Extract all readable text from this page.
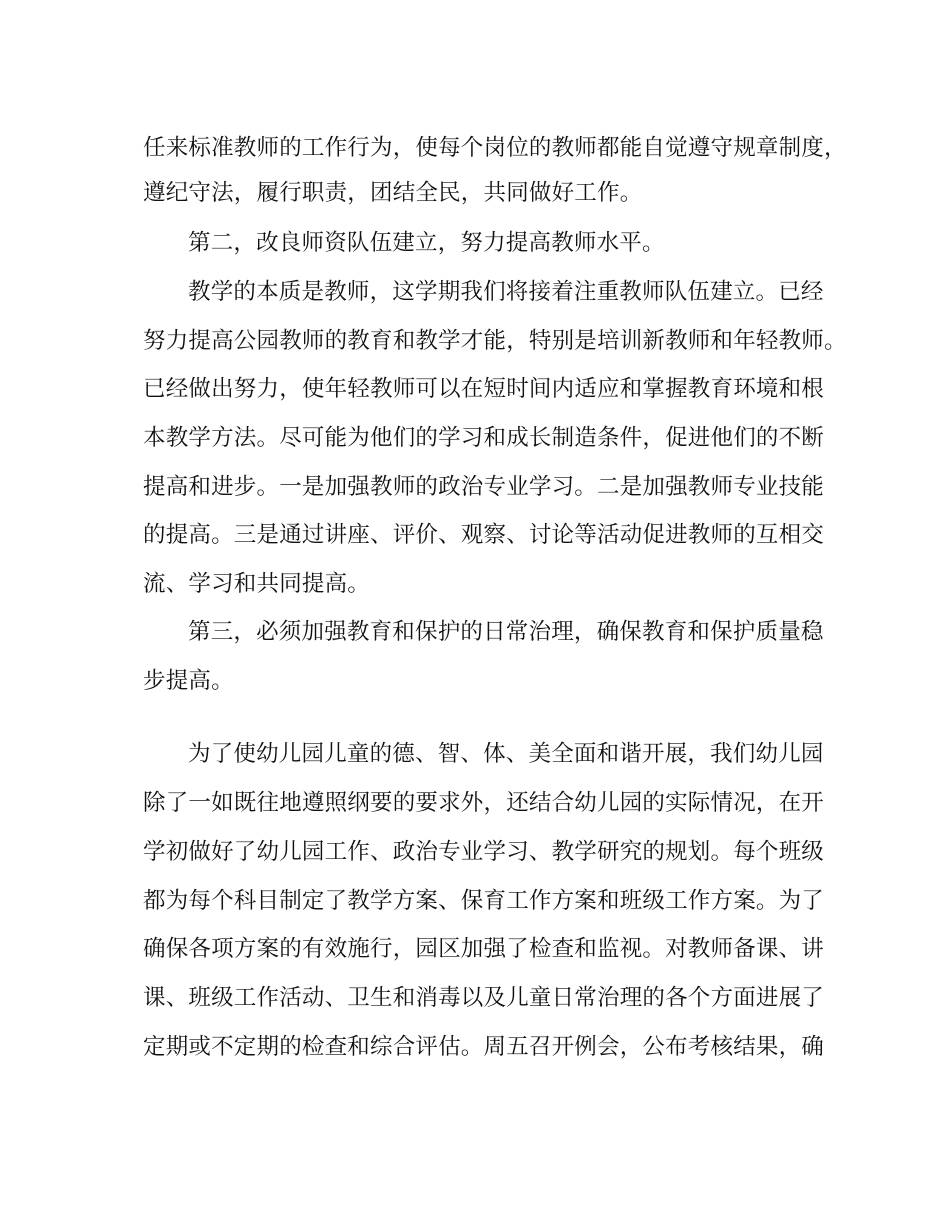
任来标准教师的工作行为，使每个岗位的教师都能自觉遵守规章制度，
遵纪守法，履行职责，团结全民，共同做好工作。
第二，改良师资队伍建立，努力提高教师水平。
教学的本质是教师，这学期我们将接着注重教师队伍建立。已经
努力提高公园教师的教育和教学才能，特别是培训新教师和年轻教师。
已经做出努力，使年轻教师可以在短时间内适应和掌握教育环境和根
本教学方法。尽可能为他们的学习和成长制造条件，促进他们的不断
提高和进步。一是加强教师的政治专业学习。二是加强教师专业技能
的提高。三是通过讲座、评价、观察、讨论等活动促进教师的互相交
流、学习和共同提高。
第三，必须加强教育和保护的日常治理，确保教育和保护质量稳
步提高。
为了使幼儿园儿童的德、智、体、美全面和谐开展，我们幼儿园
除了一如既往地遵照纲要的要求外，还结合幼儿园的实际情况，在开
学初做好了幼儿园工作、政治专业学习、教学研究的规划。每个班级
都为每个科目制定了教学方案、保育工作方案和班级工作方案。为了
确保各项方案的有效施行，园区加强了检查和监视。对教师备课、讲
课、班级工作活动、卫生和消毒以及儿童日常治理的各个方面进展了
定期或不定期的检查和综合评估。周五召开例会，公布考核结果，确
